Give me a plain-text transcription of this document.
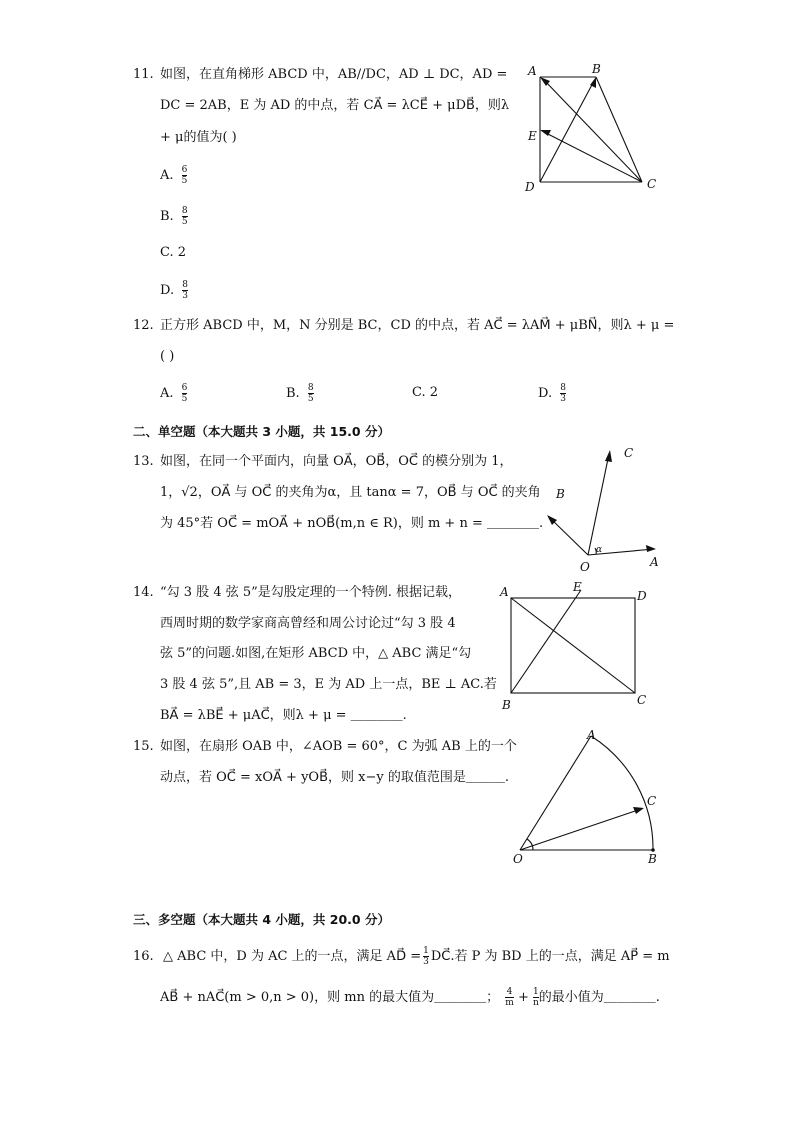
11. 如图，在直角梯形 ABCD 中，AB//DC，AD ⊥ DC，AD =
DC = 2AB，E 为 AD 的中点，若 CA⃗ = λCE⃗ + μDB⃗，则λ
+ μ的值为( )
A. $\frac{6}{5}$
B. $\frac{8}{5}$
C. 2
D. $\frac{8}{3}$
A	B
E
D	C
12. 正方形 ABCD 中，M，N 分别是 BC，CD 的中点，若 AC⃗ = λAM⃗ + μBN⃗，则λ + μ =
( )
A. $\frac{6}{5}$	B. $\frac{8}{5}$	C. 2	D. $\frac{8}{3}$
二、单空题（本大题共 3 小题，共 15.0 分）
13. 如图，在同一个平面内，向量 OA⃗，OB⃗，OC⃗ 的模分别为 1，
1，√2，OA⃗ 与 OC⃗ 的夹角为α，且 tanα = 7，OB⃗ 与 OC⃗ 的夹角
为 45°若 OC⃗ = mOA⃗ + nOB⃗(m,n ∈ R)，则 m + n = ＿＿＿＿.
C
B
α
O	A
14. “勾 3 股 4 弦 5”是勾股定理的一个特例. 根据记载，
西周时期的数学家商高曾经和周公讨论过“勾 3 股 4
弦 5”的问题.如图,在矩形 ABCD 中，△ ABC 满足“勾
3 股 4 弦 5”,且 AB = 3，E 为 AD 上一点，BE ⊥ AC.若
BA⃗ = λBE⃗ + μAC⃗，则λ + μ = ＿＿＿＿.
A	E
D
B	C
15. 如图，在扇形 OAB 中，∠AOB = 60°，C 为弧 AB 上的一个
动点，若 OC⃗ = xOA⃗ + yOB⃗，则 x−y 的取值范围是＿＿＿.
A
C
O	B
三、多空题（本大题共 4 小题，共 20.0 分）
16. △ ABC 中，D 为 AC 上的一点，满足 AD⃗ = $\frac{1}{3}$ DC⃗.若 P 为 BD 上的一点，满足 AP⃗ = m
AB⃗ + nAC⃗(m > 0,n > 0)，则 mn 的最大值为＿＿＿＿； $\frac{4}{m} + \frac{1}{n}$ 的最小值为＿＿＿＿.
